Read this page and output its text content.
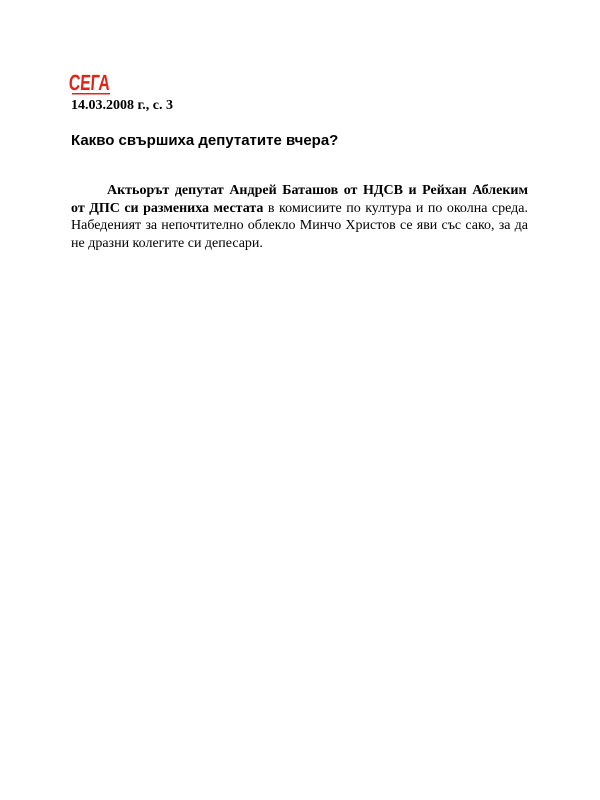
СЕГА
14.03.2008 г., с. 3
Какво свършиха депутатите вчера?

Актьорът депутат Андрей Баташов от НДСВ и Рейхан Аблеким от ДПС си размениха местата в комисиите по култура и по околна среда. Набеденият за непочтително облекло Минчо Христов се яви със сако, за да не дразни колегите си депесари.
